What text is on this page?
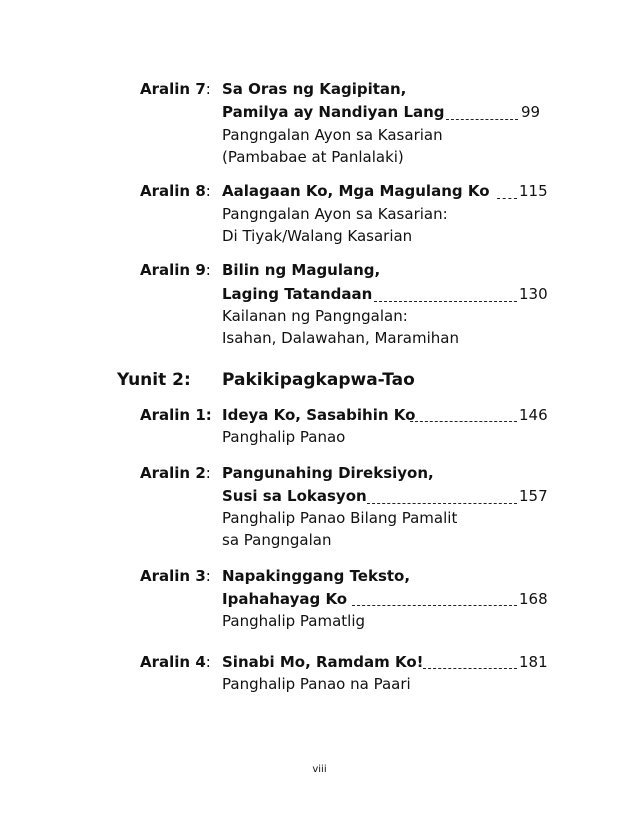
Aralin 7: Sa Oras ng Kagipitan,
Pamilya ay Nandiyan Lang	99
Pangngalan Ayon sa Kasarian
(Pambabae at Panlalaki)
Aralin 8: Aalagaan Ko, Mga Magulang Ko 115
Pangngalan Ayon sa Kasarian:
Di Tiyak/Walang Kasarian
Aralin 9: Bilin ng Magulang,
Laging Tatandaan	130
Kailanan ng Pangngalan:
Isahan, Dalawahan, Maramihan
Yunit 2: Pakikipagkapwa-Tao
Aralin 1: Ideya Ko, Sasabihin Ko	146
Panghalip Panao
Aralin 2: Pangunahing Direksiyon,
Susi sa Lokasyon	157
Panghalip Panao Bilang Pamalit
sa Pangngalan
Aralin 3: Napakinggang Teksto,
Ipahahayag Ko	168
Panghalip Pamatlig
Aralin 4: Sinabi Mo, Ramdam Ko!	181
Panghalip Panao na Paari
viii
